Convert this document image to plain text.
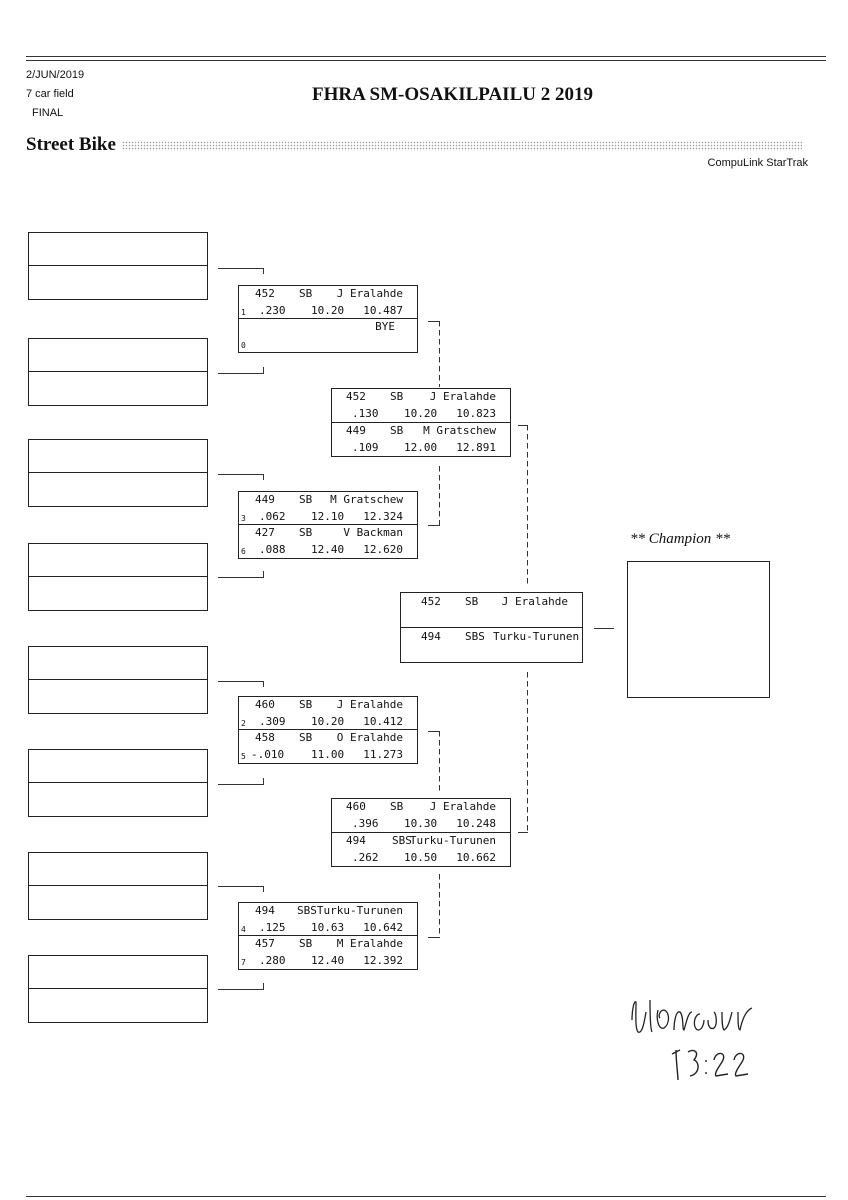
2/JUN/2019
7 car field
FINAL
FHRA SM-OSAKILPAILU 2 2019
Street Bike
CompuLink StarTrak
452 SB J Eralahde
1 .230 10.20 10.487
BYE
0
449 SB M Gratschew
3 .062 12.10 12.324
427 SB	V Backman
6 .088 12.40 12.620
460 SB J Eralahde
2 .309 10.20 10.412
458 SB O Eralahde
5 -.010 11.00 11.273
494 SBS Turku-Turunen
4 .125 10.63 10.642
457 SB M Eralahde
7 .280 12.40 12.392
452 SB J Eralahde
.130 10.20 10.823
449 SB M Gratschew
.109 12.00 12.891
460 SB J Eralahde
.396 10.30 10.248
494 SBS
Turku-Turunen
.262 10.50 10.662
452 SB J Eralahde
494 SBS Turku-Turunen
** Champion **
